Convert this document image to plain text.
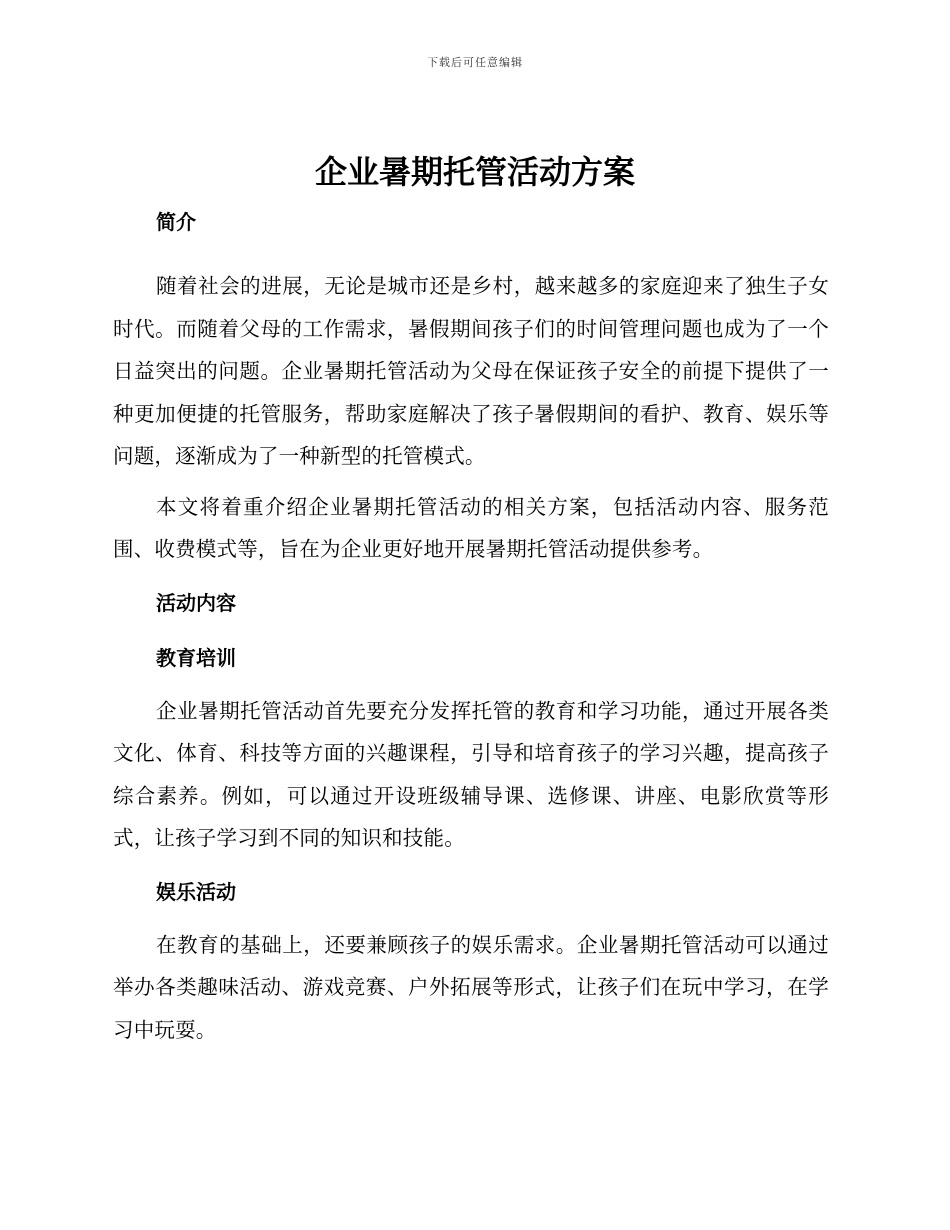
下载后可任意编辑
企业暑期托管活动方案
简介

随着社会的进展，无论是城市还是乡村，越来越多的家庭迎来了独生子女时代。而随着父母的工作需求，暑假期间孩子们的时间管理问题也成为了一个日益突出的问题。企业暑期托管活动为父母在保证孩子安全的前提下提供了一种更加便捷的托管服务，帮助家庭解决了孩子暑假期间的看护、教育、娱乐等问题，逐渐成为了一种新型的托管模式。

本文将着重介绍企业暑期托管活动的相关方案，包括活动内容、服务范围、收费模式等，旨在为企业更好地开展暑期托管活动提供参考。

活动内容
教育培训

企业暑期托管活动首先要充分发挥托管的教育和学习功能，通过开展各类文化、体育、科技等方面的兴趣课程，引导和培育孩子的学习兴趣，提高孩子综合素养。例如，可以通过开设班级辅导课、选修课、讲座、电影欣赏等形式，让孩子学习到不同的知识和技能。

娱乐活动

在教育的基础上，还要兼顾孩子的娱乐需求。企业暑期托管活动可以通过举办各类趣味活动、游戏竞赛、户外拓展等形式，让孩子们在玩中学习，在学习中玩耍。
